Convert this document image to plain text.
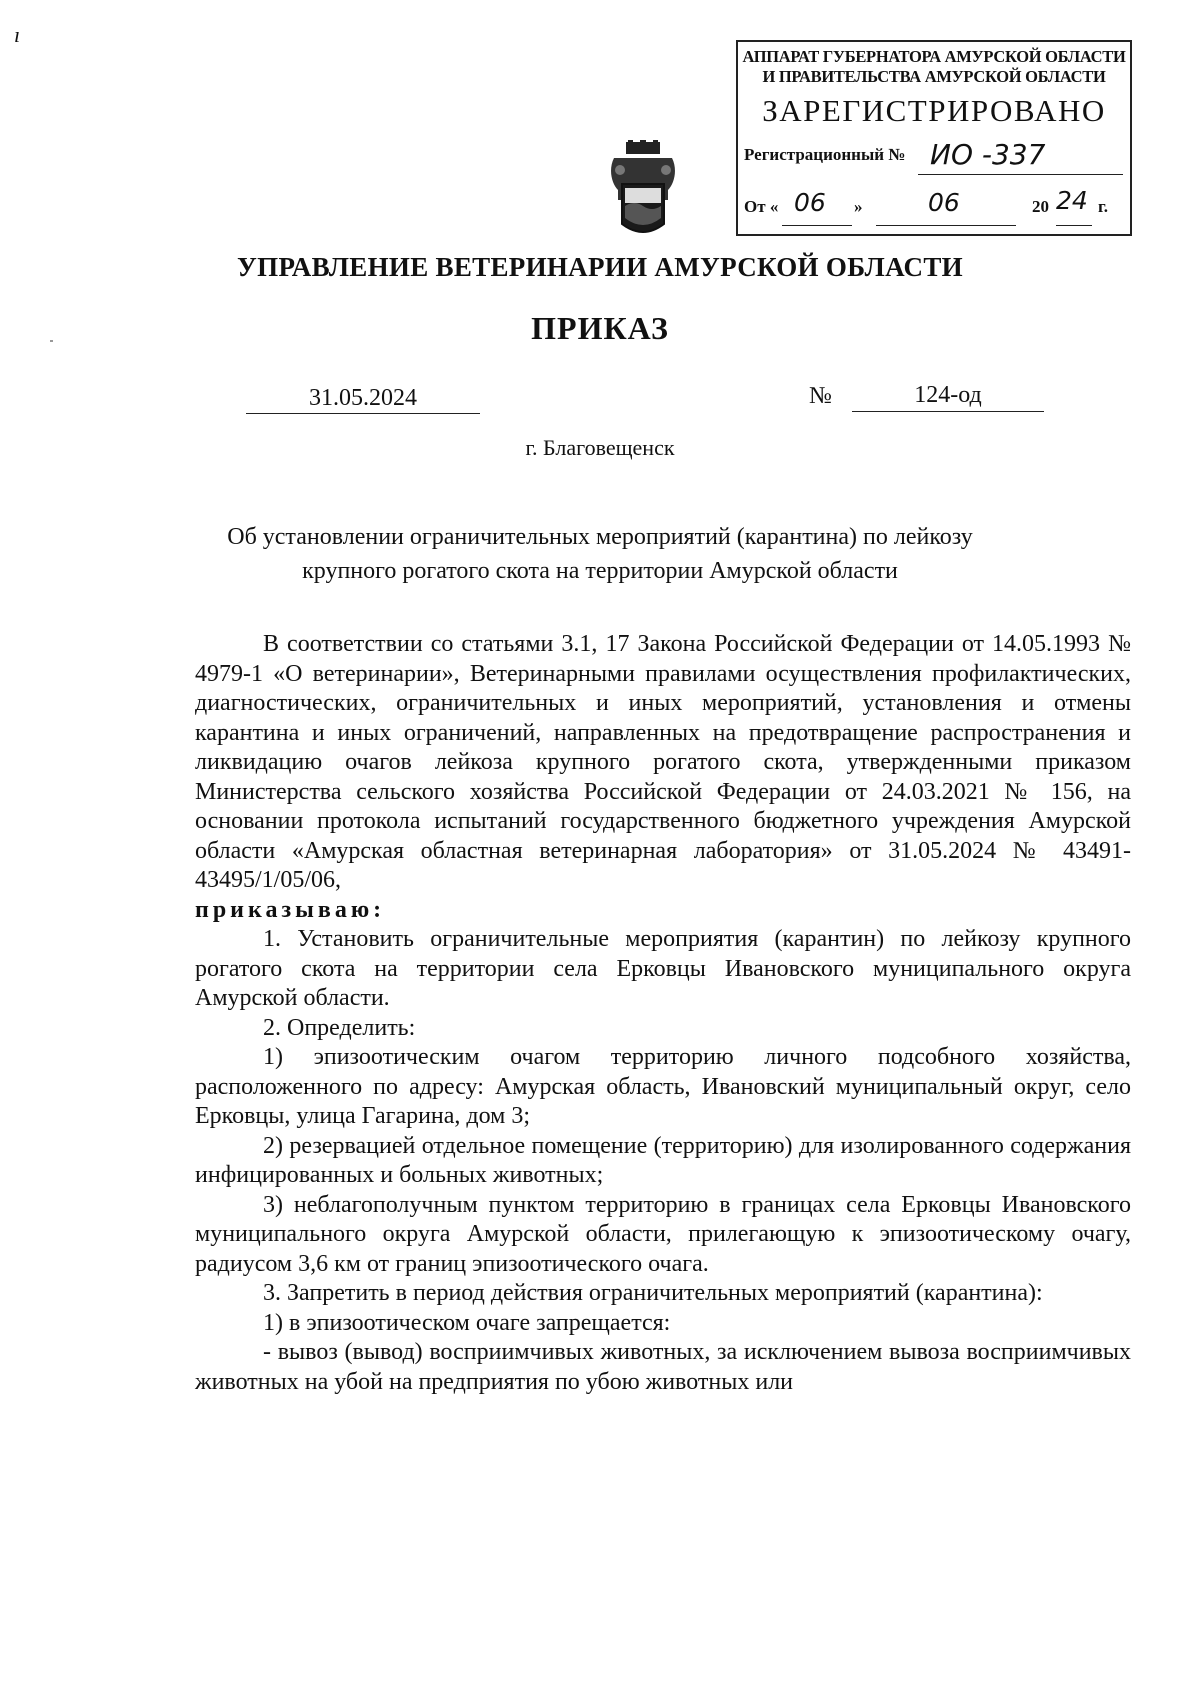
ı
АППАРАТ ГУБЕРНАТОРА АМУРСКОЙ ОБЛАСТИ
И ПРАВИТЕЛЬСТВА АМУРСКОЙ ОБЛАСТИ
ЗАРЕГИСТРИРОВАНО
Регистрационный № ИО -337
От « 06 »	06	20 24 г.
УПРАВЛЕНИЕ ВЕТЕРИНАРИИ АМУРСКОЙ ОБЛАСТИ
ПРИКАЗ
31.05.2024	№	124-од
г. Благовещенск
Об установлении ограничительных мероприятий (карантина) по лейкозу
крупного рогатого скота на территории Амурской области

В соответствии со статьями 3.1, 17 Закона Российской Федерации от 14.05.1993 № 4979-1 «О ветеринарии», Ветеринарными правилами осуществления профилактических, диагностических, ограничительных и иных мероприятий, установления и отмены карантина и иных ограничений, направленных на предотвращение распространения и ликвидацию очагов лейкоза крупного рогатого скота, утвержденными приказом Министерства сельского хозяйства Российской Федерации от 24.03.2021 № 156, на основании протокола испытаний государственного бюджетного учреждения Амурской области «Амурская областная ветеринарная лаборатория» от 31.05.2024 № 43491-43495/1/05/06,

приказываю:

1. Установить ограничительные мероприятия (карантин) по лейкозу крупного рогатого скота на территории села Ерковцы Ивановского муниципального округа Амурской области.

2. Определить:

1) эпизоотическим очагом территорию личного подсобного хозяйства, расположенного по адресу: Амурская область, Ивановский муниципальный округ, село Ерковцы, улица Гагарина, дом 3;

2) резервацией отдельное помещение (территорию) для изолированного содержания инфицированных и больных животных;

3) неблагополучным пунктом территорию в границах села Ерковцы Ивановского муниципального округа Амурской области, прилегающую к эпизоотическому очагу, радиусом 3,6 км от границ эпизоотического очага.

3. Запретить в период действия ограничительных мероприятий (карантина):

1) в эпизоотическом очаге запрещается:

- вывоз (вывод) восприимчивых животных, за исключением вывоза восприимчивых животных на убой на предприятия по убою животных или
